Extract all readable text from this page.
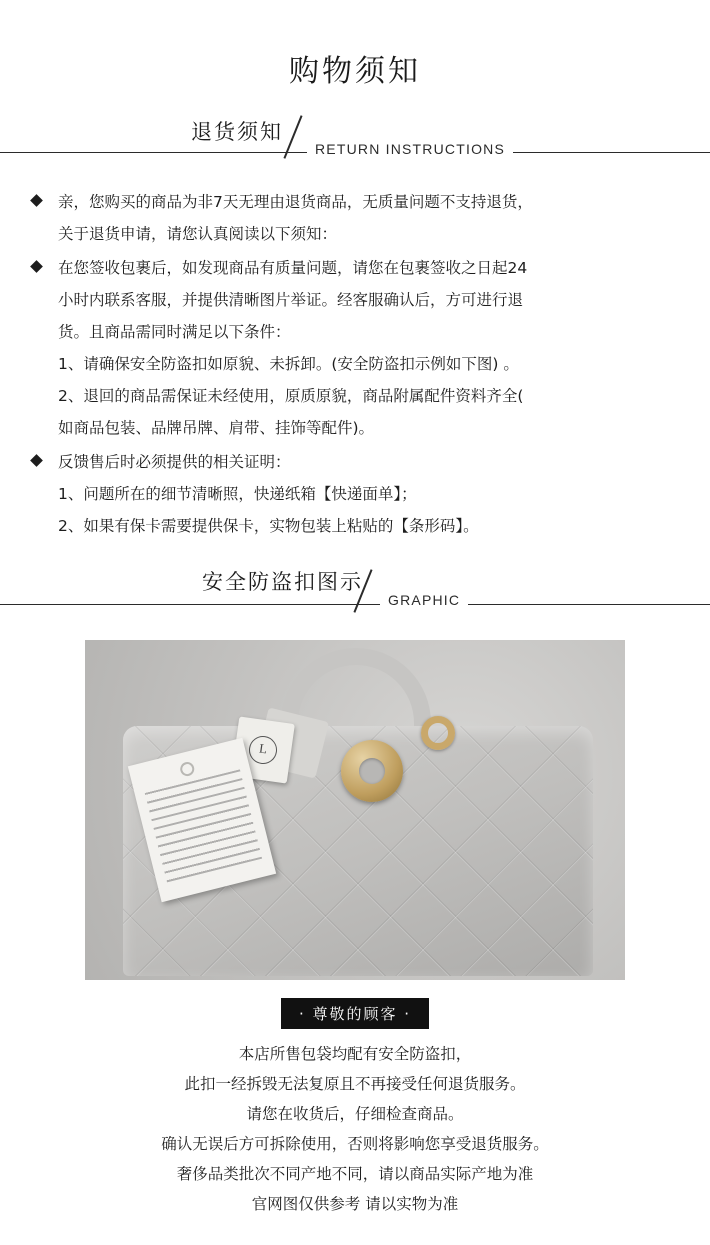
购物须知
退货须知
RETURN INSTRUCTIONS

亲，您购买的商品为非7天无理由退货商品，无质量问题不支持退货，

关于退货申请，请您认真阅读以下须知：

在您签收包裹后，如发现商品有质量问题，请您在包裹签收之日起24

小时内联系客服，并提供清晰图片举证。经客服确认后，方可进行退

货。且商品需同时满足以下条件：

1、请确保安全防盗扣如原貌、未拆卸。(安全防盗扣示例如下图) 。

2、退回的商品需保证未经使用，原质原貌，商品附属配件资料齐全(

如商品包装、品牌吊牌、肩带、挂饰等配件)。

反馈售后时必须提供的相关证明：

1、问题所在的细节清晰照，快递纸箱【快递面单】；

2、如果有保卡需要提供保卡，实物包装上粘贴的【条形码】。

安全防盗扣图示
GRAPHIC
L
· 尊敬的顾客 ·

本店所售包袋均配有安全防盗扣，

此扣一经拆毁无法复原且不再接受任何退货服务。

请您在收货后，仔细检查商品。

确认无误后方可拆除使用，否则将影响您享受退货服务。

奢侈品类批次不同产地不同，请以商品实际产地为准

官网图仅供参考 请以实物为准
